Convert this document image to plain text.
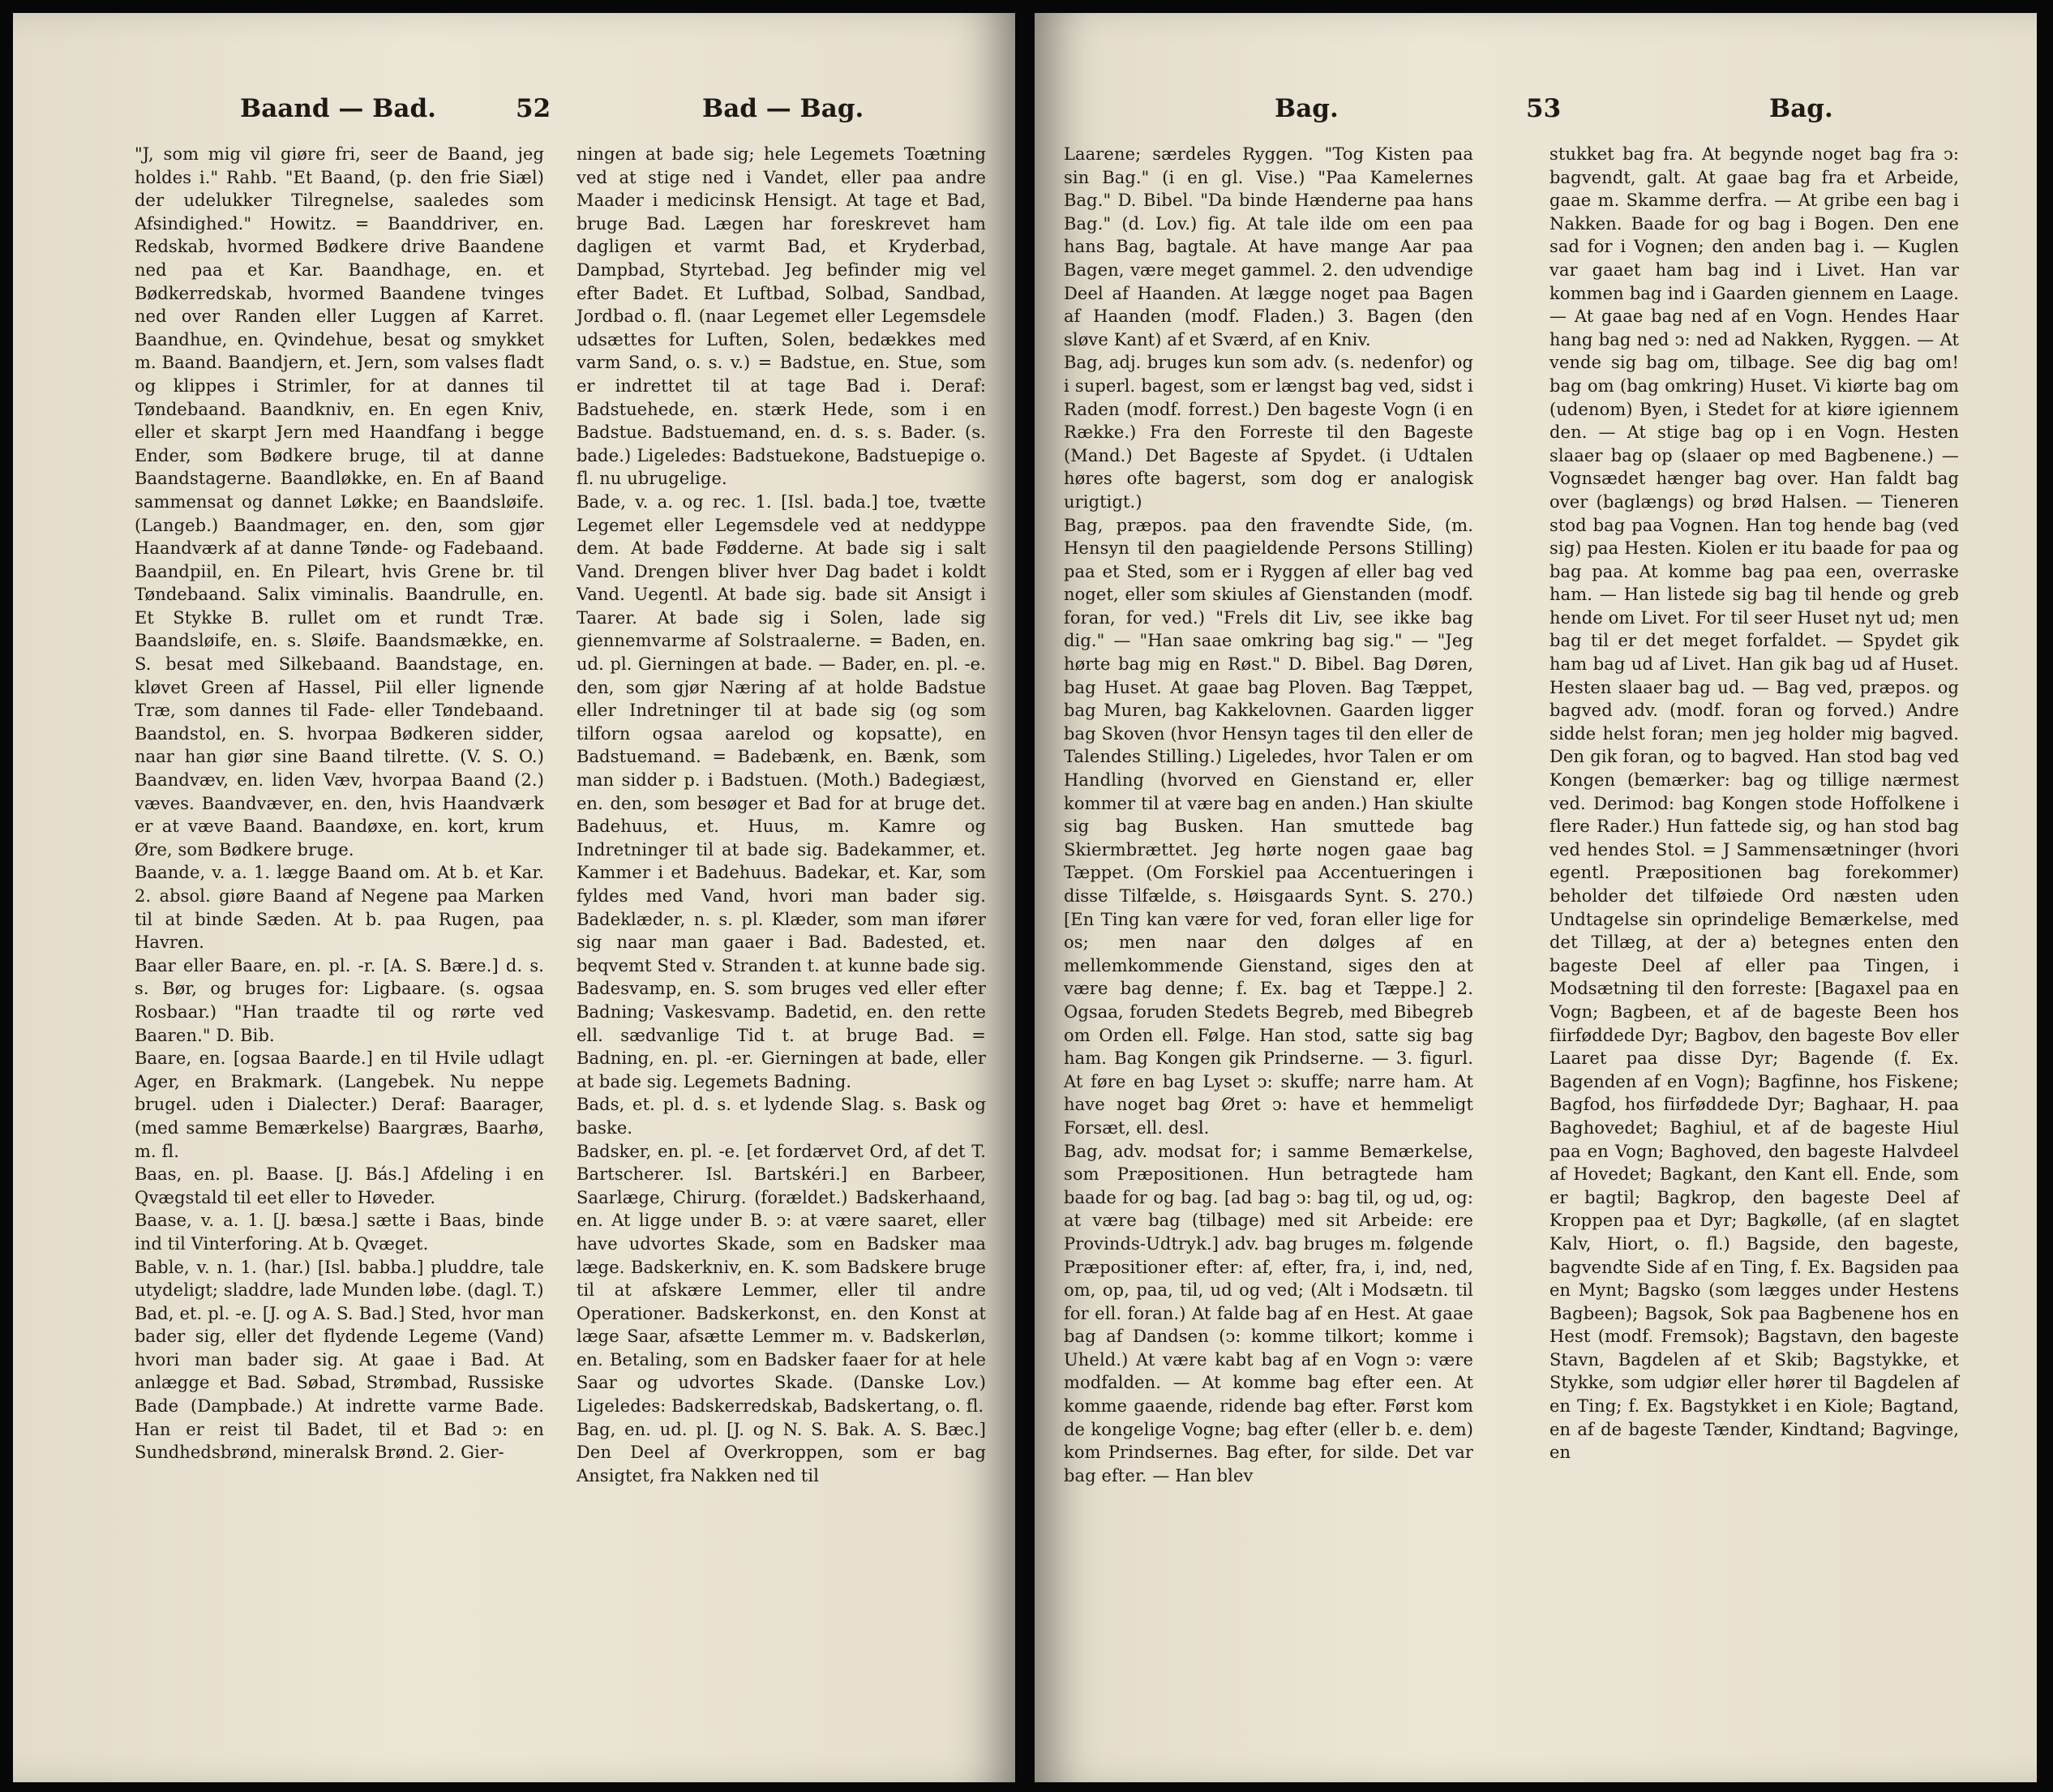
Baand — Bad.	52	Bad — Bag.

"J, som mig vil giøre fri, seer de Baand, jeg holdes i." Rahb. "Et Baand, (p. den frie Siæl) der udelukker Tilregnelse, saaledes som Afsindighed." Howitz. = Baanddriver, en. Redskab, hvormed Bødkere drive Baandene ned paa et Kar. Baandhage, en. et Bødkerredskab, hvormed Baandene tvinges ned over Randen eller Luggen af Karret. Baandhue, en. Qvindehue, besat og smykket m. Baand. Baandjern, et. Jern, som valses fladt og klippes i Strimler, for at dannes til Tøndebaand. Baandkniv, en. En egen Kniv, eller et skarpt Jern med Haandfang i begge Ender, som Bødkere bruge, til at danne Baandstagerne. Baandløkke, en. En af Baand sammensat og dannet Løkke; en Baandsløife. (Langeb.) Baandmager, en. den, som gjør Haandværk af at danne Tønde- og Fadebaand. Baandpiil, en. En Pileart, hvis Grene br. til Tøndebaand. Salix viminalis. Baandrulle, en. Et Stykke B. rullet om et rundt Træ. Baandsløife, en. s. Sløife. Baandsmække, en. S. besat med Silkebaand. Baandstage, en. kløvet Green af Hassel, Piil eller lignende Træ, som dannes til Fade- eller Tøndebaand. Baandstol, en. S. hvorpaa Bødkeren sidder, naar han giør sine Baand tilrette. (V. S. O.) Baandvæv, en. liden Væv, hvorpaa Baand (2.) væves. Baandvæver, en. den, hvis Haandværk er at væve Baand. Baandøxe, en. kort, krum Øre, som Bødkere bruge.

Baande, v. a. 1. lægge Baand om. At b. et Kar. 2. absol. giøre Baand af Negene paa Marken til at binde Sæden. At b. paa Rugen, paa Havren.

Baar eller Baare, en. pl. -r. [A. S. Bære.] d. s. s. Bør, og bruges for: Ligbaare. (s. ogsaa Rosbaar.) "Han traadte til og rørte ved Baaren." D. Bib.

Baare, en. [ogsaa Baarde.] en til Hvile udlagt Ager, en Brakmark. (Langebek. Nu neppe brugel. uden i Dialecter.) Deraf: Baarager, (med samme Bemærkelse) Baargræs, Baarhø, m. fl.

Baas, en. pl. Baase. [J. Bás.] Afdeling i en Qvægstald til eet eller to Høveder.

Baase, v. a. 1. [J. bæsa.] sætte i Baas, binde ind til Vinterforing. At b. Qvæget.

Bable, v. n. 1. (har.) [Isl. babba.] pluddre, tale utydeligt; sladdre, lade Munden løbe. (dagl. T.)

Bad, et. pl. -e. [J. og A. S. Bad.] Sted, hvor man bader sig, eller det flydende Legeme (Vand) hvori man bader sig. At gaae i Bad. At anlægge et Bad. Søbad, Strømbad, Russiske Bade (Dampbade.) At indrette varme Bade. Han er reist til Badet, til et Bad ↄ: en Sundhedsbrønd, mineralsk Brønd. 2. Gier-

ningen at bade sig; hele Legemets Toætning ved at stige ned i Vandet, eller paa andre Maader i medicinsk Hensigt. At tage et Bad, bruge Bad. Lægen har foreskrevet ham dagligen et varmt Bad, et Kryderbad, Dampbad, Styrtebad. Jeg befinder mig vel efter Badet. Et Luftbad, Solbad, Sandbad, Jordbad o. fl. (naar Legemet eller Legemsdele udsættes for Luften, Solen, bedækkes med varm Sand, o. s. v.) = Badstue, en. Stue, som er indrettet til at tage Bad i. Deraf: Badstuehede, en. stærk Hede, som i en Badstue. Badstuemand, en. d. s. s. Bader. (s. bade.) Ligeledes: Badstuekone, Badstuepige o. fl. nu ubrugelige.

Bade, v. a. og rec. 1. [Isl. bada.] toe, tvætte Legemet eller Legemsdele ved at neddyppe dem. At bade Fødderne. At bade sig i salt Vand. Drengen bliver hver Dag badet i koldt Vand. Uegentl. At bade sig. bade sit Ansigt i Taarer. At bade sig i Solen, lade sig giennemvarme af Solstraalerne. = Baden, en. ud. pl. Gierningen at bade. — Bader, en. pl. -e. den, som gjør Næring af at holde Badstue eller Indretninger til at bade sig (og som tilforn ogsaa aarelod og kopsatte), en Badstuemand. = Badebænk, en. Bænk, som man sidder p. i Badstuen. (Moth.) Badegiæst, en. den, som besøger et Bad for at bruge det. Badehuus, et. Huus, m. Kamre og Indretninger til at bade sig. Badekammer, et. Kammer i et Badehuus. Badekar, et. Kar, som fyldes med Vand, hvori man bader sig. Badeklæder, n. s. pl. Klæder, som man ifører sig naar man gaaer i Bad. Badested, et. beqvemt Sted v. Stranden t. at kunne bade sig. Badesvamp, en. S. som bruges ved eller efter Badning; Vaskesvamp. Badetid, en. den rette ell. sædvanlige Tid t. at bruge Bad. = Badning, en. pl. -er. Gierningen at bade, eller at bade sig. Legemets Badning.

Bads, et. pl. d. s. et lydende Slag. s. Bask og baske.

Badsker, en. pl. -e. [et fordærvet Ord, af det T. Bartscherer. Isl. Bartskéri.] en Barbeer, Saarlæge, Chirurg. (forældet.) Badskerhaand, en. At ligge under B. ↄ: at være saaret, eller have udvortes Skade, som en Badsker maa læge. Badskerkniv, en. K. som Badskere bruge til at afskære Lemmer, eller til andre Operationer. Badskerkonst, en. den Konst at læge Saar, afsætte Lemmer m. v. Badskerløn, en. Betaling, som en Badsker faaer for at hele Saar og udvortes Skade. (Danske Lov.) Ligeledes: Badskerredskab, Badskertang, o. fl.

Bag, en. ud. pl. [J. og N. S. Bak. A. S. Bæc.] Den Deel af Overkroppen, som er bag Ansigtet, fra Nakken ned til

Bag.	53	Bag.

Laarene; særdeles Ryggen. "Tog Kisten paa sin Bag." (i en gl. Vise.) "Paa Kamelernes Bag." D. Bibel. "Da binde Hænderne paa hans Bag." (d. Lov.) fig. At tale ilde om een paa hans Bag, bagtale. At have mange Aar paa Bagen, være meget gammel. 2. den udvendige Deel af Haanden. At lægge noget paa Bagen af Haanden (modf. Fladen.) 3. Bagen (den sløve Kant) af et Sværd, af en Kniv.

Bag, adj. bruges kun som adv. (s. nedenfor) og i superl. bagest, som er længst bag ved, sidst i Raden (modf. forrest.) Den bageste Vogn (i en Række.) Fra den Forreste til den Bageste (Mand.) Det Bageste af Spydet. (i Udtalen høres ofte bagerst, som dog er analogisk urigtigt.)

Bag, præpos. paa den fravendte Side, (m. Hensyn til den paagieldende Persons Stilling) paa et Sted, som er i Ryggen af eller bag ved noget, eller som skiules af Gienstanden (modf. foran, for ved.) "Frels dit Liv, see ikke bag dig." — "Han saae omkring bag sig." — "Jeg hørte bag mig en Røst." D. Bibel. Bag Døren, bag Huset. At gaae bag Ploven. Bag Tæppet, bag Muren, bag Kakkelovnen. Gaarden ligger bag Skoven (hvor Hensyn tages til den eller de Talendes Stilling.) Ligeledes, hvor Talen er om Handling (hvorved en Gienstand er, eller kommer til at være bag en anden.) Han skiulte sig bag Busken. Han smuttede bag Skiermbrættet. Jeg hørte nogen gaae bag Tæppet. (Om Forskiel paa Accentueringen i disse Tilfælde, s. Høisgaards Synt. S. 270.) [En Ting kan være for ved, foran eller lige for os; men naar den dølges af en mellemkommende Gienstand, siges den at være bag denne; f. Ex. bag et Tæppe.] 2. Ogsaa, foruden Stedets Begreb, med Bibegreb om Orden ell. Følge. Han stod, satte sig bag ham. Bag Kongen gik Prindserne. — 3. figurl. At føre en bag Lyset ↄ: skuffe; narre ham. At have noget bag Øret ↄ: have et hemmeligt Forsæt, ell. desl.

Bag, adv. modsat for; i samme Bemærkelse, som Præpositionen. Hun betragtede ham baade for og bag. [ad bag ↄ: bag til, og ud, og: at være bag (tilbage) med sit Arbeide: ere Provinds-Udtryk.] adv. bag bruges m. følgende Præpositioner efter: af, efter, fra, i, ind, ned, om, op, paa, til, ud og ved; (Alt i Modsætn. til for ell. foran.) At falde bag af en Hest. At gaae bag af Dandsen (ↄ: komme tilkort; komme i Uheld.) At være kabt bag af en Vogn ↄ: være modfalden. — At komme bag efter een. At komme gaaende, ridende bag efter. Først kom de kongelige Vogne; bag efter (eller b. e. dem) kom Prindsernes. Bag efter, for silde. Det var bag efter. — Han blev

stukket bag fra. At begynde noget bag fra ↄ: bagvendt, galt. At gaae bag fra et Arbeide, gaae m. Skamme derfra. — At gribe een bag i Nakken. Baade for og bag i Bogen. Den ene sad for i Vognen; den anden bag i. — Kuglen var gaaet ham bag ind i Livet. Han var kommen bag ind i Gaarden giennem en Laage. — At gaae bag ned af en Vogn. Hendes Haar hang bag ned ↄ: ned ad Nakken, Ryggen. — At vende sig bag om, tilbage. See dig bag om! bag om (bag omkring) Huset. Vi kiørte bag om (udenom) Byen, i Stedet for at kiøre igiennem den. — At stige bag op i en Vogn. Hesten slaaer bag op (slaaer op med Bagbenene.) — Vognsædet hænger bag over. Han faldt bag over (baglængs) og brød Halsen. — Tieneren stod bag paa Vognen. Han tog hende bag (ved sig) paa Hesten. Kiolen er itu baade for paa og bag paa. At komme bag paa een, overraske ham. — Han listede sig bag til hende og greb hende om Livet. For til seer Huset nyt ud; men bag til er det meget forfaldet. — Spydet gik ham bag ud af Livet. Han gik bag ud af Huset. Hesten slaaer bag ud. — Bag ved, præpos. og bagved adv. (modf. foran og forved.) Andre sidde helst foran; men jeg holder mig bagved. Den gik foran, og to bagved. Han stod bag ved Kongen (bemærker: bag og tillige nærmest ved. Derimod: bag Kongen stode Hoffolkene i flere Rader.) Hun fattede sig, og han stod bag ved hendes Stol. = J Sammensætninger (hvori egentl. Præpositionen bag forekommer) beholder det tilføiede Ord næsten uden Undtagelse sin oprindelige Bemærkelse, med det Tillæg, at der a) betegnes enten den bageste Deel af eller paa Tingen, i Modsætning til den forreste: [Bagaxel paa en Vogn; Bagbeen, et af de bageste Been hos fiirføddede Dyr; Bagbov, den bageste Bov eller Laaret paa disse Dyr; Bagende (f. Ex. Bagenden af en Vogn); Bagfinne, hos Fiskene; Bagfod, hos fiirføddede Dyr; Baghaar, H. paa Baghovedet; Baghiul, et af de bageste Hiul paa en Vogn; Baghoved, den bageste Halvdeel af Hovedet; Bagkant, den Kant ell. Ende, som er bagtil; Bagkrop, den bageste Deel af Kroppen paa et Dyr; Bagkølle, (af en slagtet Kalv, Hiort, o. fl.) Bagside, den bageste, bagvendte Side af en Ting, f. Ex. Bagsiden paa en Mynt; Bagsko (som lægges under Hestens Bagbeen); Bagsok, Sok paa Bagbenene hos en Hest (modf. Fremsok); Bagstavn, den bageste Stavn, Bagdelen af et Skib; Bagstykke, et Stykke, som udgiør eller hører til Bagdelen af en Ting; f. Ex. Bagstykket i en Kiole; Bagtand, en af de bageste Tænder, Kindtand; Bagvinge, en
